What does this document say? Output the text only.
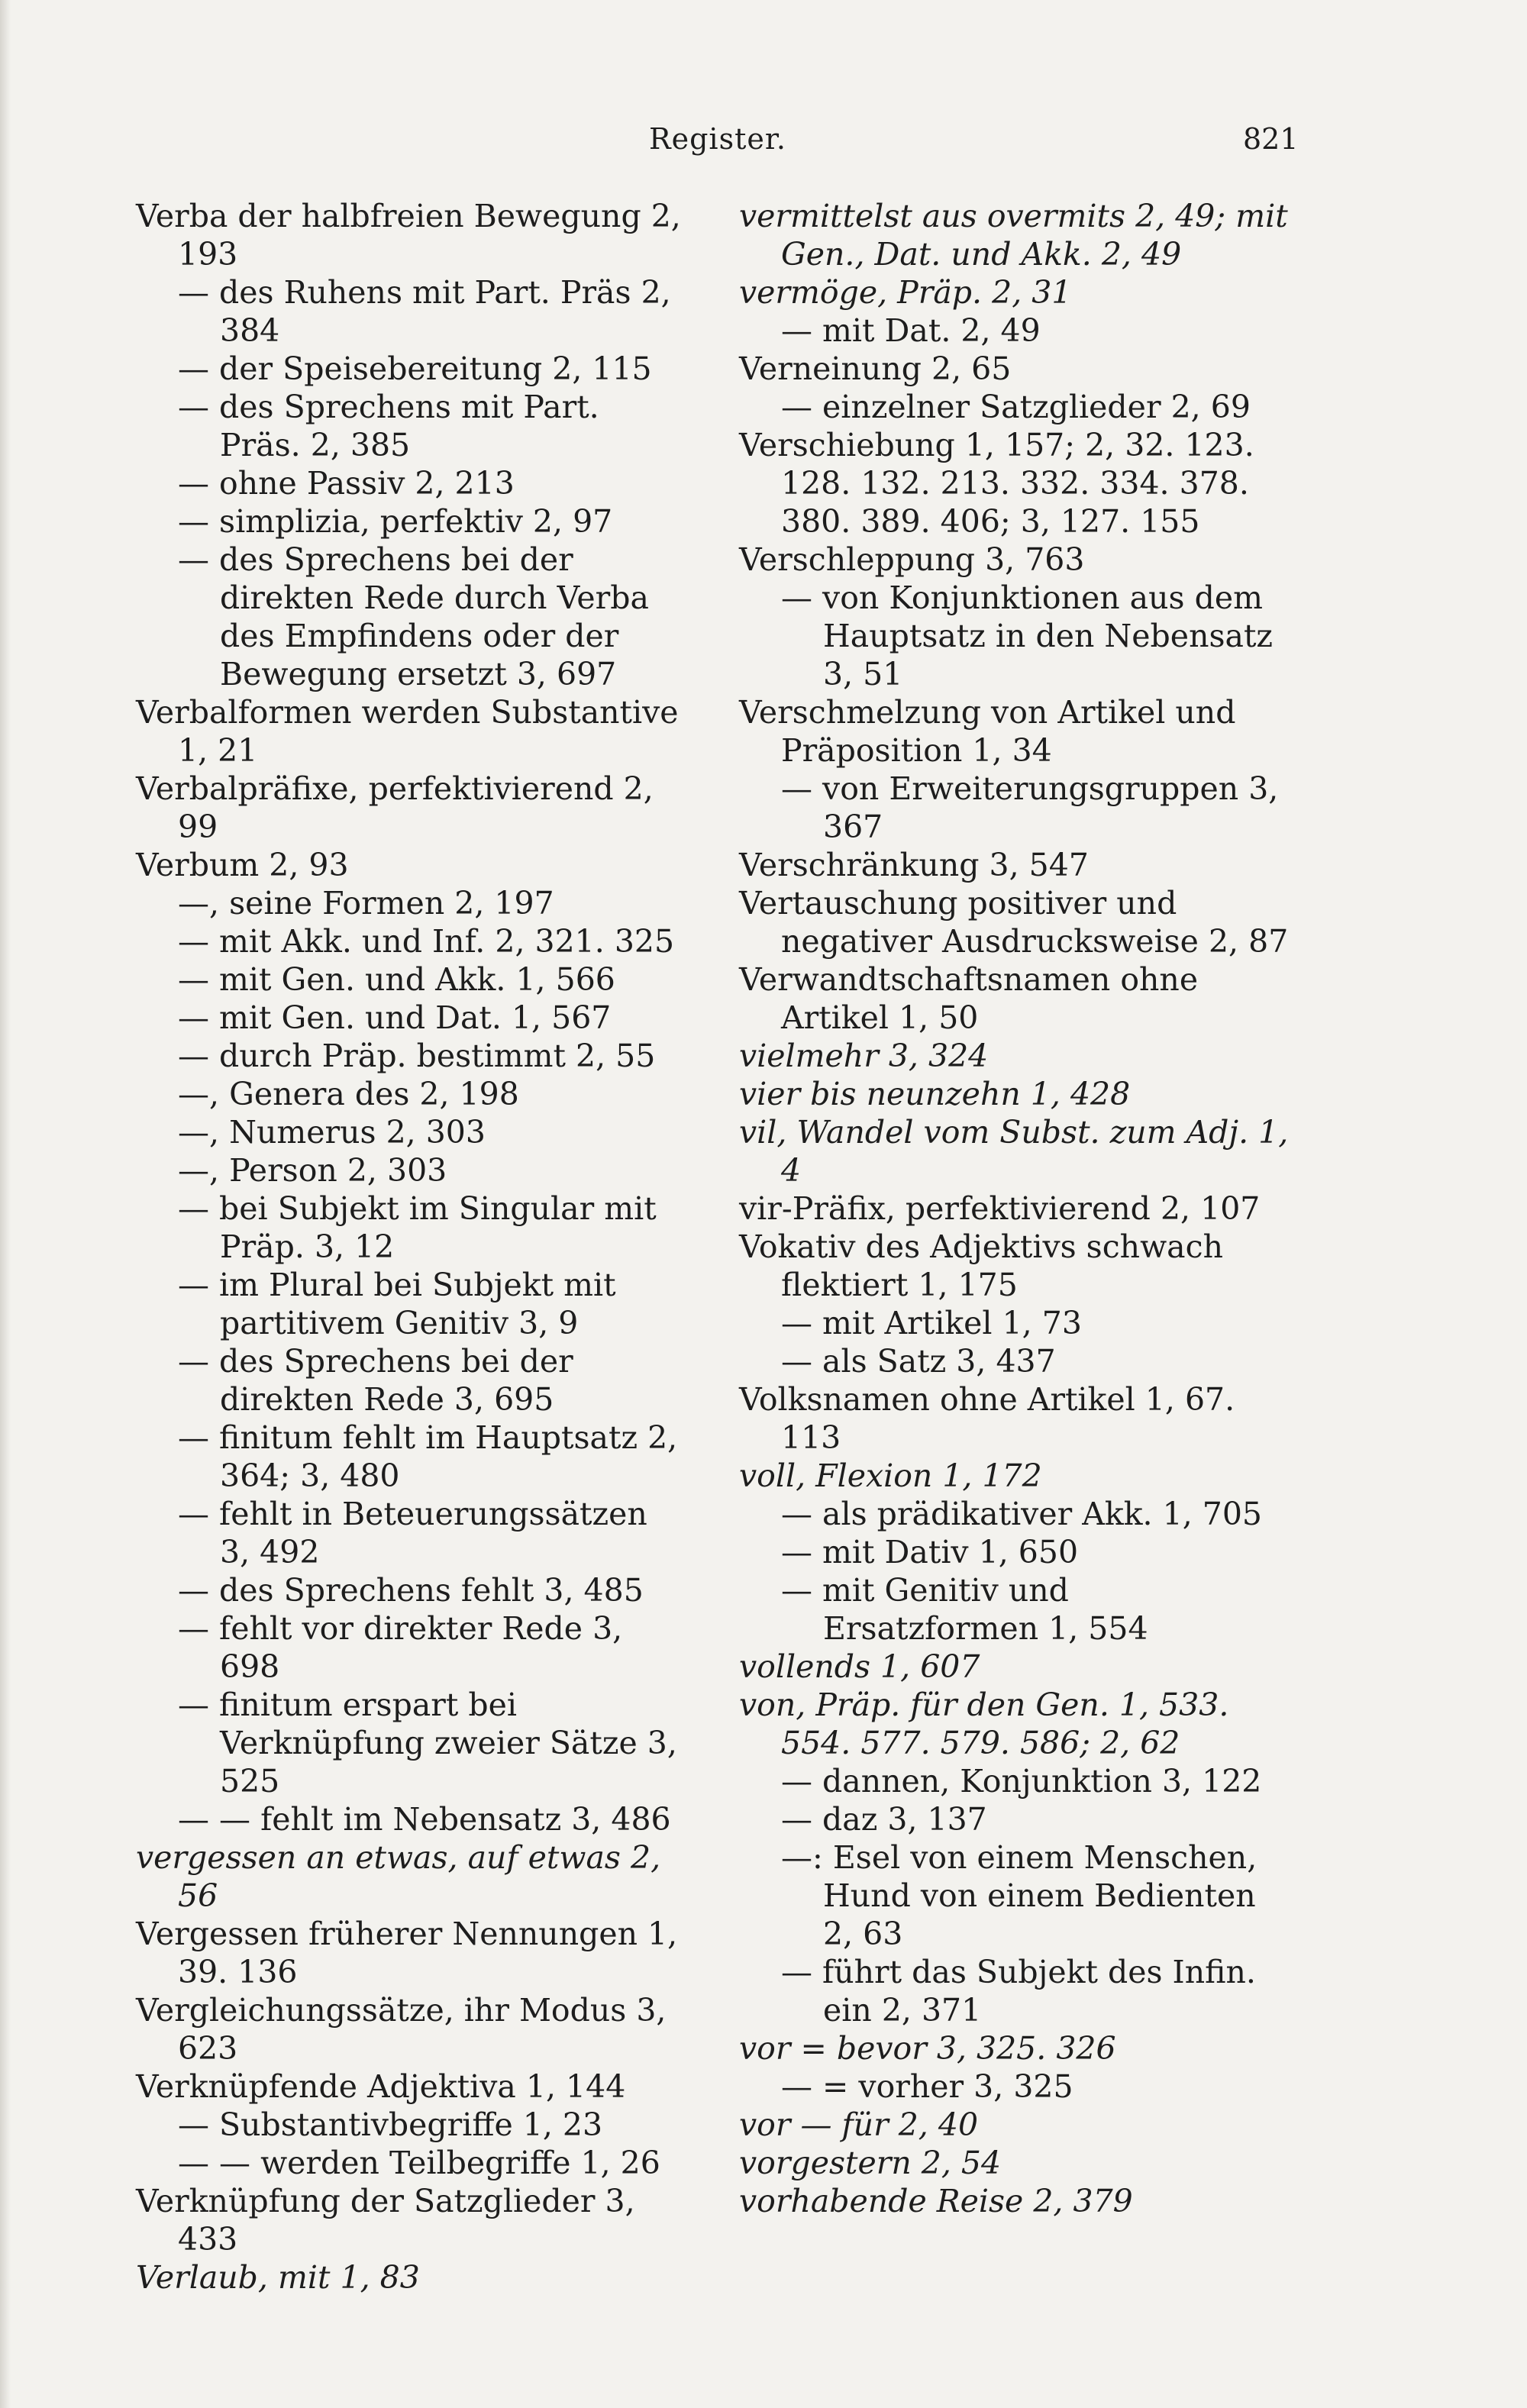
Register.	821

Verba der halbfreien Bewegung 2, 193

— des Ruhens mit Part. Präs 2, 384

— der Speisebereitung 2, 115

— des Sprechens mit Part. Präs. 2, 385

— ohne Passiv 2, 213

— simplizia, perfektiv 2, 97

— des Sprechens bei der direkten Rede durch Verba des Empfindens oder der Bewegung ersetzt 3, 697

Verbalformen werden Substantive 1, 21

Verbalpräfixe, perfektivierend 2, 99

Verbum 2, 93

—, seine Formen 2, 197

— mit Akk. und Inf. 2, 321. 325

— mit Gen. und Akk. 1, 566

— mit Gen. und Dat. 1, 567

— durch Präp. bestimmt 2, 55

—, Genera des 2, 198

—, Numerus 2, 303

—, Person 2, 303

— bei Subjekt im Singular mit Präp. 3, 12

— im Plural bei Subjekt mit partitivem Genitiv 3, 9

— des Sprechens bei der direkten Rede 3, 695

— finitum fehlt im Hauptsatz 2, 364; 3, 480

— fehlt in Beteuerungssätzen 3, 492

— des Sprechens fehlt 3, 485

— fehlt vor direkter Rede 3, 698

— finitum erspart bei Verknüpfung zweier Sätze 3, 525

— — fehlt im Nebensatz 3, 486

vergessen an etwas, auf etwas 2, 56

Vergessen früherer Nennungen 1, 39. 136

Vergleichungssätze, ihr Modus 3, 623

Verknüpfende Adjektiva 1, 144

— Substantivbegriffe 1, 23

— — werden Teilbegriffe 1, 26

Verknüpfung der Satzglieder 3, 433

Verlaub, mit 1, 83

vermittelst aus overmits 2, 49; mit Gen., Dat. und Akk. 2, 49

vermöge, Präp. 2, 31

— mit Dat. 2, 49

Verneinung 2, 65

— einzelner Satzglieder 2, 69

Verschiebung 1, 157; 2, 32. 123. 128. 132. 213. 332. 334. 378. 380. 389. 406; 3, 127. 155

Verschleppung 3, 763

— von Konjunktionen aus dem Hauptsatz in den Nebensatz 3, 51

Verschmelzung von Artikel und Präposition 1, 34

— von Erweiterungsgruppen 3, 367

Verschränkung 3, 547

Vertauschung positiver und negativer Ausdrucksweise 2, 87

Verwandtschaftsnamen ohne Artikel 1, 50

vielmehr 3, 324

vier bis neunzehn 1, 428

vil, Wandel vom Subst. zum Adj. 1, 4

vir-Präfix, perfektivierend 2, 107

Vokativ des Adjektivs schwach flektiert 1, 175

— mit Artikel 1, 73

— als Satz 3, 437

Volksnamen ohne Artikel 1, 67. 113

voll, Flexion 1, 172

— als prädikativer Akk. 1, 705

— mit Dativ 1, 650

— mit Genitiv und Ersatzformen 1, 554

vollends 1, 607

von, Präp. für den Gen. 1, 533. 554. 577. 579. 586; 2, 62

— dannen, Konjunktion 3, 122

— daz 3, 137

—: Esel von einem Menschen, Hund von einem Bedienten 2, 63

— führt das Subjekt des Infin. ein 2, 371

vor = bevor 3, 325. 326

— = vorher 3, 325

vor — für 2, 40

vorgestern 2, 54

vorhabende Reise 2, 379
